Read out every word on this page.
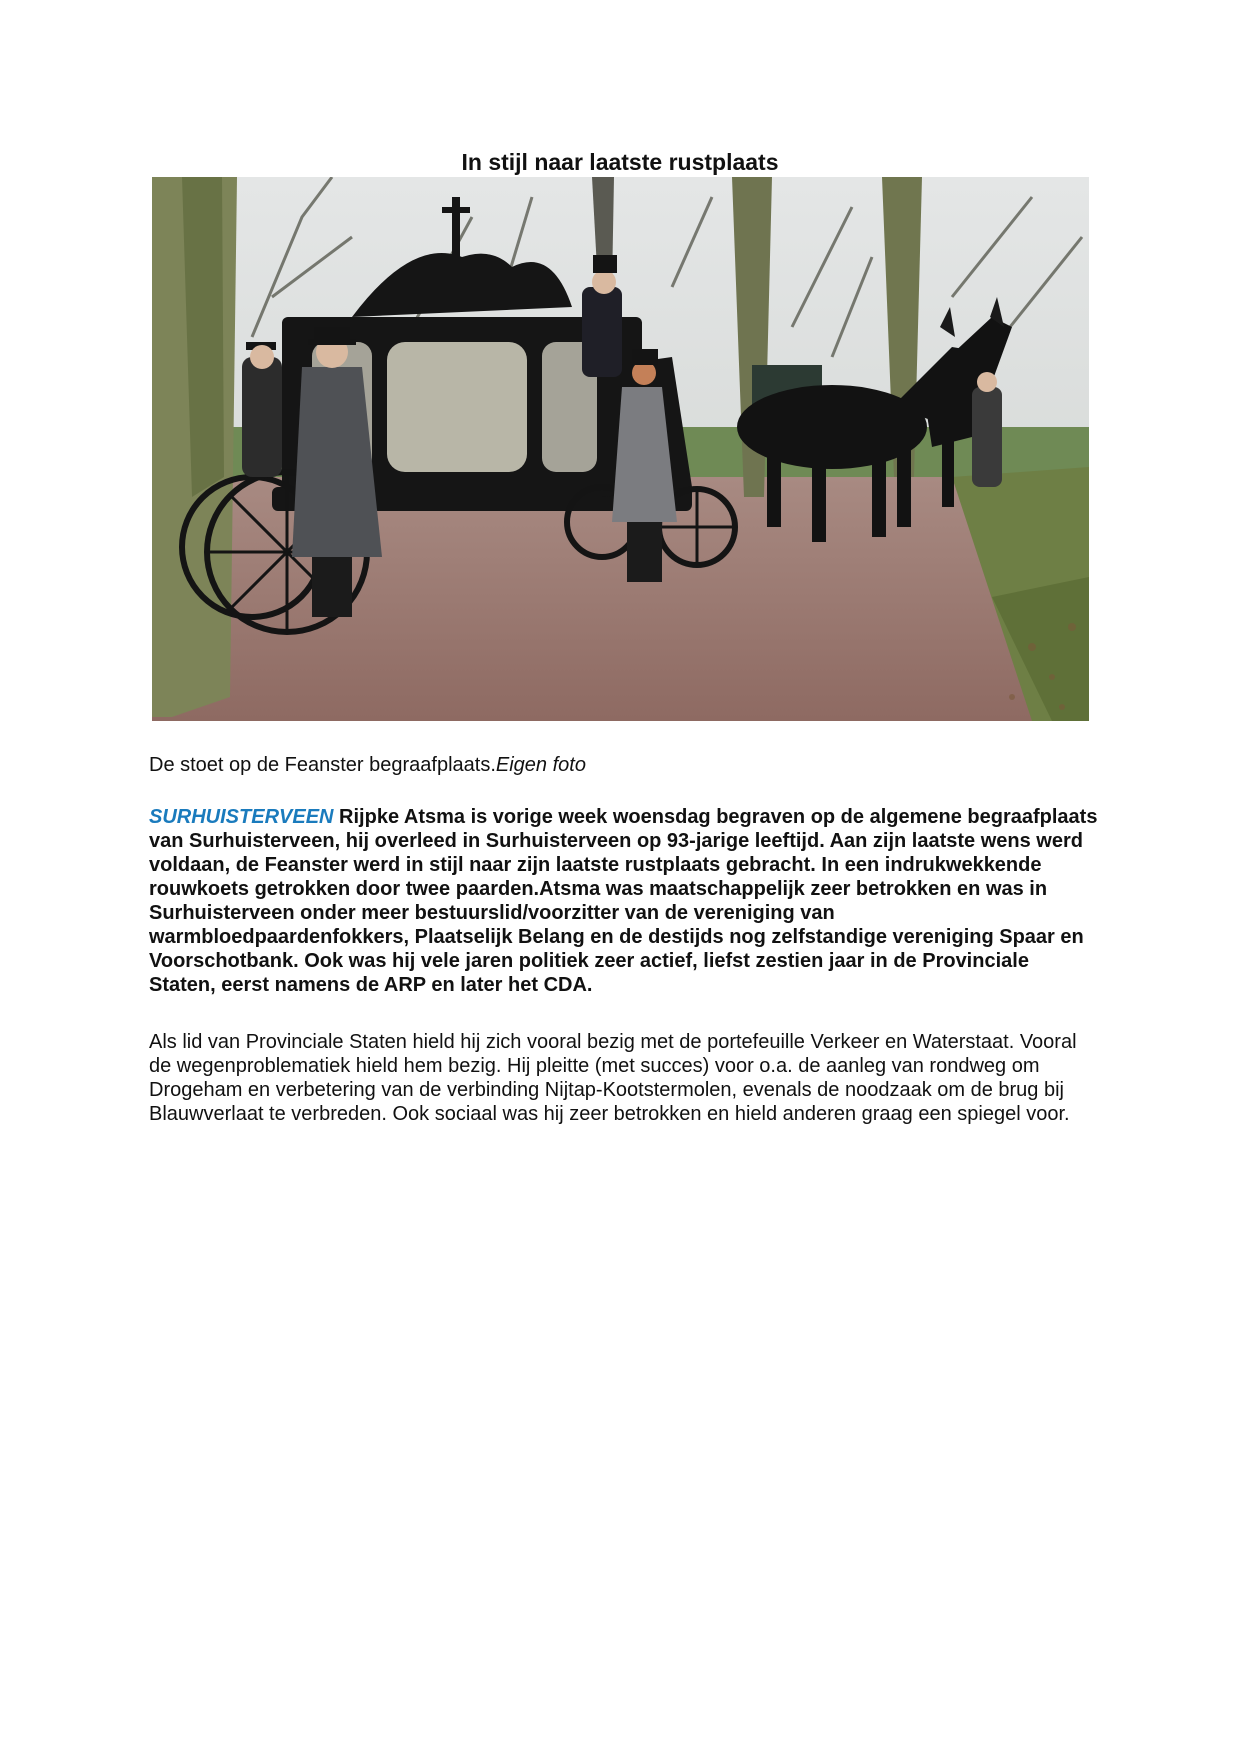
In stijl naar laatste rustplaats

De stoet op de Feanster begraafplaats.Eigen foto

SURHUISTERVEEN Rijpke Atsma is vorige week woensdag begraven op de algemene begraafplaats van Surhuisterveen, hij overleed in Surhuisterveen op 93-jarige leeftijd. Aan zijn laatste wens werd voldaan, de Feanster werd in stijl naar zijn laatste rustplaats gebracht. In een indrukwekkende rouwkoets getrokken door twee paarden.Atsma was maatschappelijk zeer betrokken en was in Surhuisterveen onder meer bestuurslid/voorzitter van de vereniging van warmbloedpaardenfokkers, Plaatselijk Belang en de destijds nog zelfstandige vereniging Spaar en Voorschotbank. Ook was hij vele jaren politiek zeer actief, liefst zestien jaar in de Provinciale Staten, eerst namens de ARP en later het CDA.

Als lid van Provinciale Staten hield hij zich vooral bezig met de portefeuille Verkeer en Waterstaat. Vooral de wegenproblematiek hield hem bezig. Hij pleitte (met succes) voor o.a. de aanleg van rondweg om Drogeham en verbetering van de verbinding Nijtap-Kootstermolen, evenals de noodzaak om de brug bij Blauwverlaat te verbreden. Ook sociaal was hij zeer betrokken en hield anderen graag een spiegel voor.
